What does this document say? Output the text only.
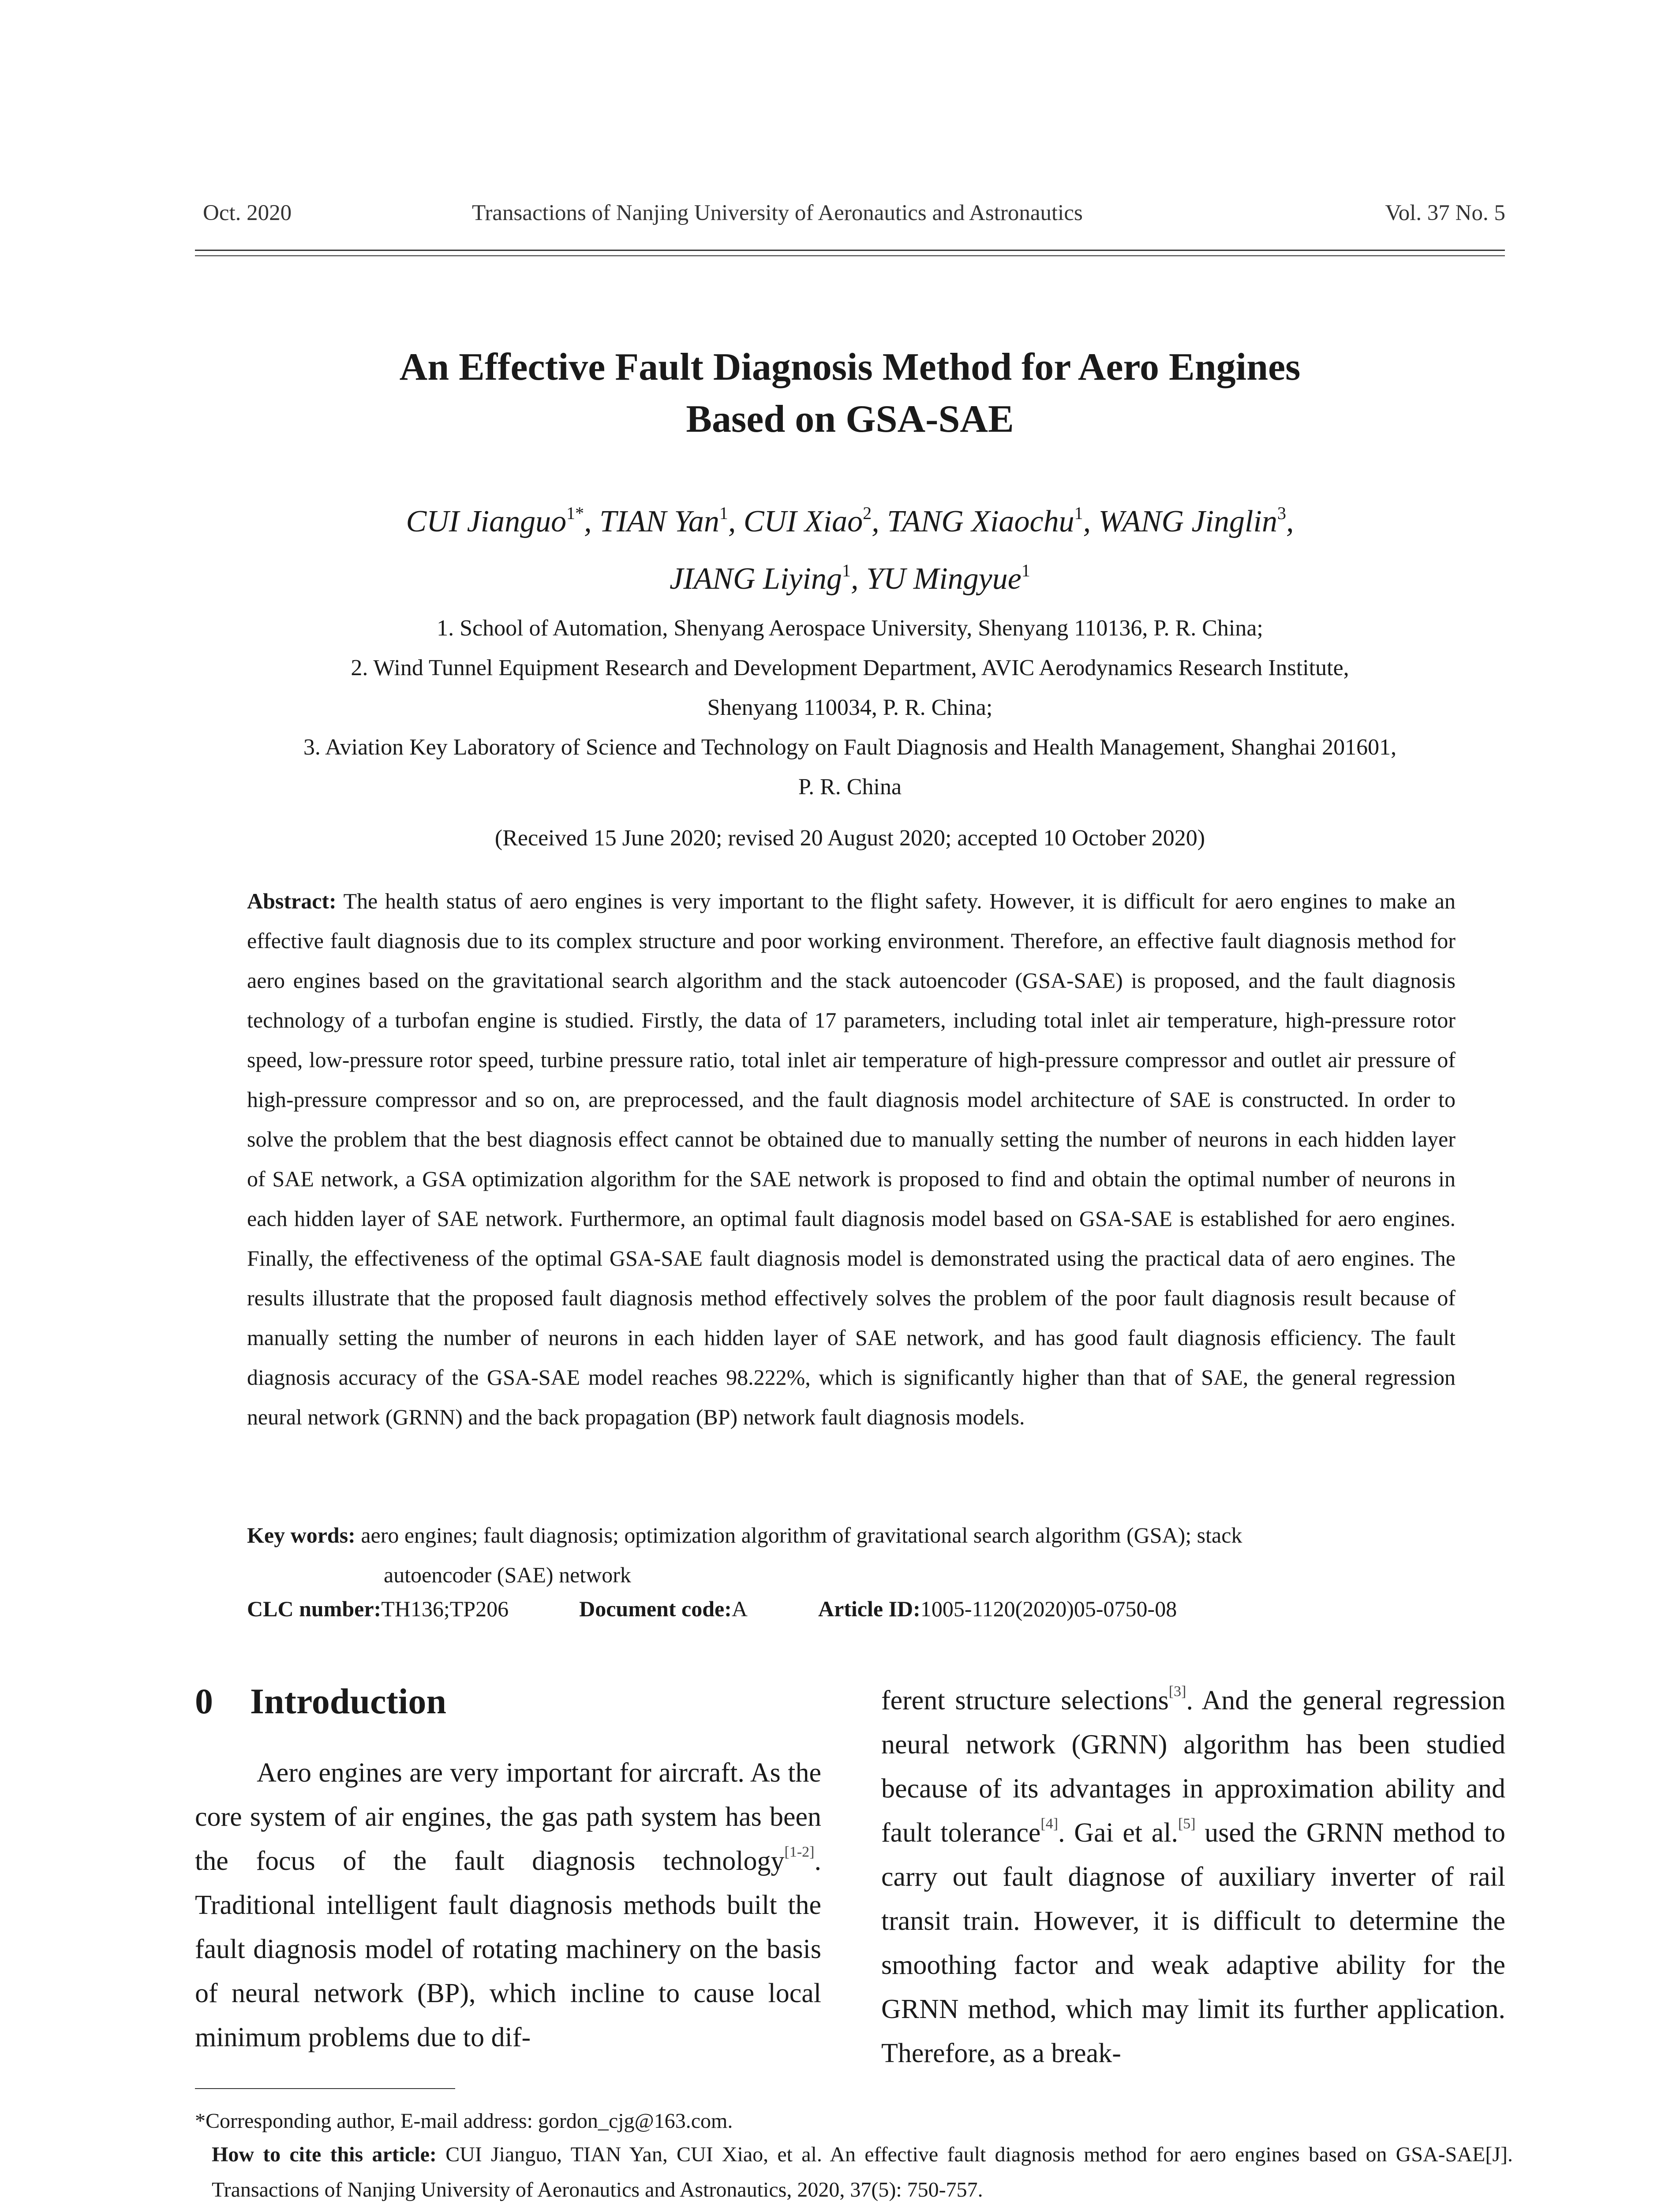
Oct. 2020	Transactions of Nanjing University of Aeronautics and Astronautics	Vol. 37 No. 5
An Effective Fault Diagnosis Method for Aero Engines
Based on GSA-SAE
CUI Jianguo$^{1*}$, TIAN Yan$^1$, CUI Xiao$^2$, TANG Xiaochu$^1$, WANG Jinglin$^3$,
JIANG Liying$^1$, YU Mingyue$^1$
1. School of Automation, Shenyang Aerospace University, Shenyang 110136, P. R. China;
2. Wind Tunnel Equipment Research and Development Department, AVIC Aerodynamics Research Institute,
Shenyang 110034, P. R. China;
3. Aviation Key Laboratory of Science and Technology on Fault Diagnosis and Health Management, Shanghai 201601,
P. R. China
(Received 15 June 2020; revised 20 August 2020; accepted 10 October 2020)
Abstract: The health status of aero engines is very important to the flight safety. However, it is difficult for aero engines to make an effective fault diagnosis due to its complex structure and poor working environment. Therefore, an effective fault diagnosis method for aero engines based on the gravitational search algorithm and the stack autoencoder (GSA-SAE) is proposed, and the fault diagnosis technology of a turbofan engine is studied. Firstly, the data of 17 parameters, including total inlet air temperature, high-pressure rotor speed, low-pressure rotor speed, turbine pressure ratio, total inlet air temperature of high-pressure compressor and outlet air pressure of high-pressure compressor and so on, are preprocessed, and the fault diagnosis model architecture of SAE is constructed. In order to solve the problem that the best diagnosis effect cannot be obtained due to manually setting the number of neurons in each hidden layer of SAE network, a GSA optimization algorithm for the SAE network is proposed to find and obtain the optimal number of neurons in each hidden layer of SAE network. Furthermore, an optimal fault diagnosis model based on GSA-SAE is established for aero engines. Finally, the effectiveness of the optimal GSA-SAE fault diagnosis model is demonstrated using the practical data of aero engines. The results illustrate that the proposed fault diagnosis method effectively solves the problem of the poor fault diagnosis result because of manually setting the number of neurons in each hidden layer of SAE network, and has good fault diagnosis efficiency. The fault diagnosis accuracy of the GSA-SAE model reaches 98.222%, which is significantly higher than that of SAE, the general regression neural network (GRNN) and the back propagation (BP) network fault diagnosis models.
Key words: aero engines; fault diagnosis; optimization algorithm of gravitational search algorithm (GSA); stack
autoencoder (SAE) network
CLC number:TH136;TP206	Document code:A	Article ID:1005-1120(2020)05-0750-08
0 Introduction

Aero engines are very important for aircraft. As the core system of air engines, the gas path system has been the focus of the fault diagnosis technology[1-2]. Traditional intelligent fault diagnosis methods built the fault diagnosis model of rotating machinery on the basis of neural network (BP), which incline to cause local minimum problems due to dif-

ferent structure selections[3]. And the general regression neural network (GRNN) algorithm has been studied because of its advantages in approximation ability and fault tolerance[4]. Gai et al.[5] used the GRNN method to carry out fault diagnose of auxiliary inverter of rail transit train. However, it is difficult to determine the smoothing factor and weak adaptive ability for the GRNN method, which may limit its further application. Therefore, as a break-

*Corresponding author, E-mail address: gordon_cjg@163.com.
How to cite this article: CUI Jianguo, TIAN Yan, CUI Xiao, et al. An effective fault diagnosis method for aero engines based on GSA-SAE[J]. Transactions of Nanjing University of Aeronautics and Astronautics, 2020, 37(5): 750-757.
